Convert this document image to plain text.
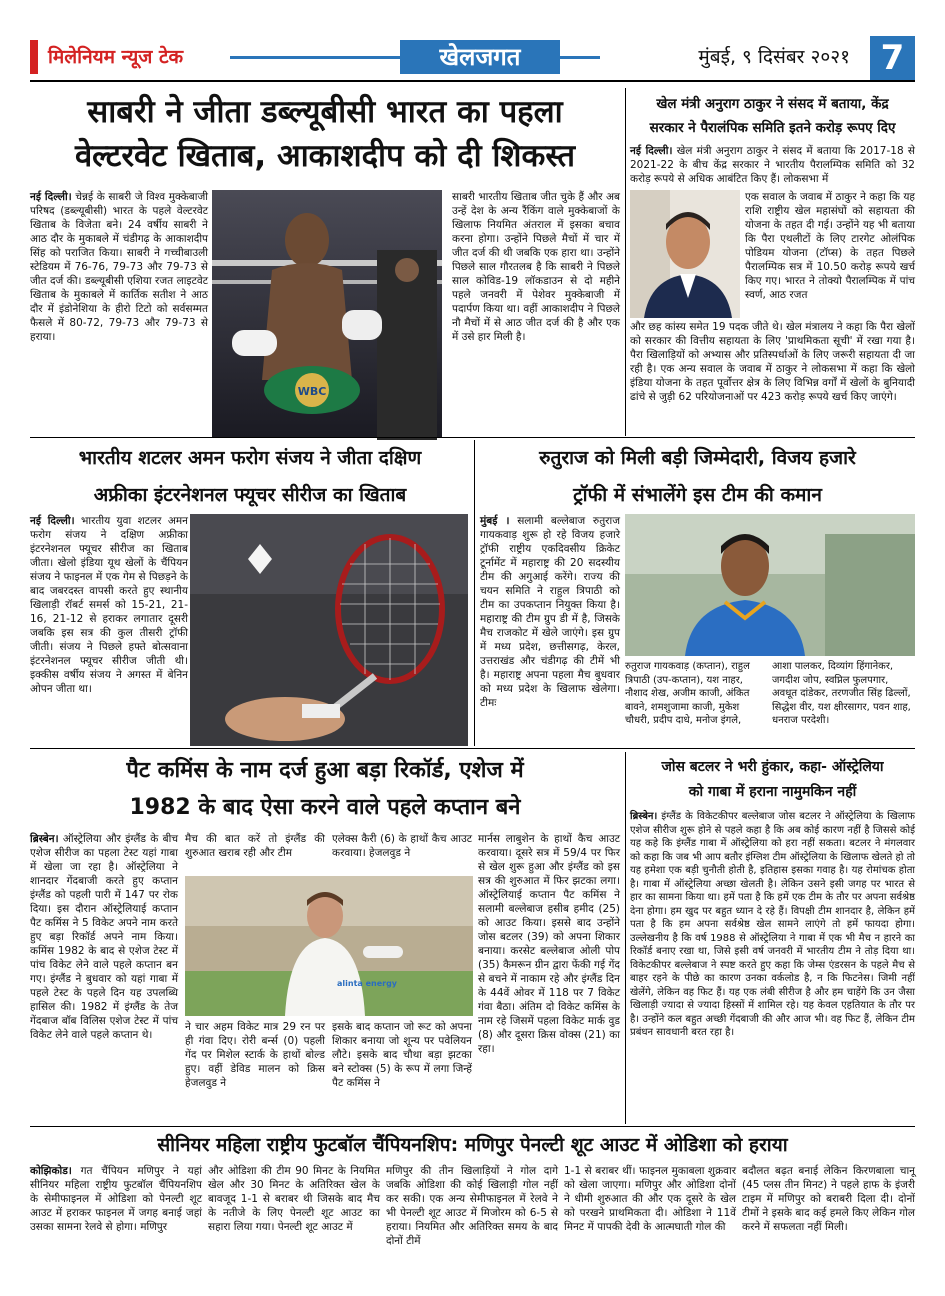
मिलेनियम न्यूज टेक	खेलजगत	मुंबई, ९ दिसंबर २०२१ 7
साबरी ने जीता डब्ल्यूबीसी भारत का पहला
वेल्टरवेट खिताब, आकाशदीप को दी शिकस्त
नई दिल्ली। चेन्नई के साबरी जे विश्व मुक्केबाजी परिषद (डब्ल्यूबीसी) भारत के पहले वेल्टरवेट खिताब के विजेता बने। 24 वर्षीय साबरी ने आठ दौर के मुकाबले में चंडीगढ़ के आकाशदीप सिंह को पराजित किया। साबरी ने गच्चीबाउली स्टेडियम में 76-76, 79-73 और 79-73 से जीत दर्ज की। डब्ल्यूबीसी एशिया रजत लाइटवेट खिताब के मुकाबले में कार्तिक सतीश ने आठ दौर में इंडोनेशिया के हीरो टिटो को सर्वसम्मत फैसले में 80-72, 79-73 और 79-73 से हराया।
WBC
साबरी भारतीय खिताब जीत चुके हैं और अब उन्हें देश के अन्य रैंकिंग वाले मुक्केबाजों के खिलाफ नियमित अंतराल में इसका बचाव करना होगा। उन्होंने पिछले मैचों में चार में जीत दर्ज की थी जबकि एक हारा था। उन्होंने पिछले साल गौरतलब है कि साबरी ने पिछले साल कोविड-19 लॉकडाउन से दो महीने पहले जनवरी में पेशेवर मुक्केबाजी में पदार्पण किया था। वहीं आकाशदीप ने पिछले नौ मैचों में से आठ जीत दर्ज की है और एक में उसे हार मिली है।
खेल मंत्री अनुराग ठाकुर ने संसद में बताया, केंद्र
सरकार ने पैरालंपिक समिति इतने करोड़ रूपए दिए
नई दिल्ली। खेल मंत्री अनुराग ठाकुर ने संसद में बताया कि 2017-18 से 2021-22 के बीच केंद्र सरकार ने भारतीय पैरालम्पिक समिति को 32 करोड़ रूपये से अधिक आबंटित किए हैं। लोकसभा में
एक सवाल के जवाब में ठाकुर ने कहा कि यह राशि राष्ट्रीय खेल महासंघों को सहायता की योजना के तहत दी गई। उन्होंने यह भी बताया कि पैरा एथलीटों के लिए टारगेट ओलंपिक पोडियम योजना (टॉप्स) के तहत पिछले पैरालम्पिक सत्र में 10.50 करोड़ रूपये खर्च किए गए। भारत ने तोक्यो पैरालम्पिक में पांच स्वर्ण, आठ रजत
और छह कांस्य समेत 19 पदक जीते थे। खेल मंत्रालय ने कहा कि पैरा खेलों को सरकार की वित्तीय सहायता के लिए 'प्राथमिकता सूची' में रखा गया है। पैरा खिलाड़ियों को अभ्यास और प्रतिस्पर्धाओं के लिए जरूरी सहायता दी जा रही है। एक अन्य सवाल के जवाब में ठाकुर ने लोकसभा में कहा कि खेलो इंडिया योजना के तहत पूर्वोत्तर क्षेत्र के लिए विभिन्न वर्गों में खेलों के बुनियादी ढांचे से जुड़ी 62 परियोजनाओं पर 423 करोड़ रूपये खर्च किए जाएंगे।
भारतीय शटलर अमन फरोग संजय ने जीता दक्षिण
अफ्रीका इंटरनेशनल फ्यूचर सीरीज का खिताब
नई दिल्ली। भारतीय युवा शटलर अमन फरोग संजय ने दक्षिण अफ्रीका इंटरनेशनल फ्यूचर सीरीज का खिताब जीता। खेलो इंडिया यूथ खेलों के चैंपियन संजय ने फाइनल में एक गेम से पिछड़ने के बाद जबरदस्त वापसी करते हुए स्थानीय खिलाड़ी रॉबर्ट समर्स को 15-21, 21-16, 21-12 से हराकर लगातार दूसरी जबकि इस सत्र की कुल तीसरी ट्रॉफी जीती। संजय ने पिछले हफ्ते बोत्सवाना इंटरनेशनल फ्यूचर सीरीज जीती थी। इक्कीस वर्षीय संजय ने अगस्त में बेनिन ओपन जीता था।
रुतुराज को मिली बड़ी जिम्मेदारी, विजय हजारे
ट्रॉफी में संभालेंगे इस टीम की कमान
मुंबई । सलामी बल्लेबाज रुतुराज गायकवाड़ शुरू हो रहे विजय हजारे ट्रॉफी राष्ट्रीय एकदिवसीय क्रिकेट टूर्नामेंट में महाराष्ट्र की 20 सदस्यीय टीम की अगुआई करेंगे। राज्य की चयन समिति ने राहुल त्रिपाठी को टीम का उपकप्तान नियुक्त किया है। महाराष्ट्र की टीम ग्रुप डी में है, जिसके मैच राजकोट में खेले जाएंगे। इस ग्रुप में मध्य प्रदेश, छत्तीसगढ़, केरल, उत्तराखंड और चंडीगढ़ की टीमें भी है। महाराष्ट्र अपना पहला मैच बुधवार को मध्य प्रदेश के खिलाफ खेलेगा। टीमः
रुतुराज गायकवाड़ (कप्तान), राहुल त्रिपाठी (उप-कप्तान), यश नाहर, नौशाद शेख, अजीम काजी, अंकित बावने, शमशुजामा काजी, मुकेश चौधरी, प्रदीप दाधे, मनोज इंगले,
आशा पालकर, दिव्यांग हिंगानेकर, जगदीश जोप, स्वप्निल फुलपगार, अवधूत दांडेकर, तरणजीत सिंह ढिल्लों, सिद्धेश वीर, यश क्षीरसागर, पवन शाह, धनराज परदेशी।
पैट कमिंस के नाम दर्ज हुआ बड़ा रिकॉर्ड, एशेज में
1982 के बाद ऐसा करने वाले पहले कप्तान बने
ब्रिस्बेन। ऑस्ट्रेलिया और इंग्लैंड के बीच एशेज सीरीज का पहला टेस्ट यहां गाबा में खेला जा रहा है। ऑस्ट्रेलिया ने शानदार गेंदबाजी करते हुए कप्तान इंग्लैंड को पहली पारी में 147 पर रोक दिया। इस दौरान ऑस्ट्रेलियाई कप्तान पैट कमिंस ने 5 विकेट अपने नाम करते हुए बड़ा रिकॉर्ड अपने नाम किया। कमिंस 1982 के बाद से एशेज टेस्ट में पांच विकेट लेने वाले पहले कप्तान बन गए। इंग्लैंड ने बुधवार को यहां गाबा में पहले टेस्ट के पहले दिन यह उपलब्धि हासिल की। 1982 में इंग्लैंड के तेज गेंदबाज बॉब विलिस एशेज टेस्ट में पांच विकेट लेने वाले पहले कप्तान थे।
मैच की बात करें तो इंग्लैंड की शुरुआत खराब रही और टीम
एलेक्स कैरी (6) के हाथों कैच आउट करवाया। हेजलवुड ने
alinta energy
ने चार अहम विकेट मात्र 29 रन पर ही गंवा दिए। रोरी बर्न्स (0) पहली गेंद पर मिशेल स्टार्क के हाथों बोल्ड हुए। वहीं डेविड मालन को क्रिस हेजलवुड ने
इसके बाद कप्तान जो रूट को अपना शिकार बनाया जो शून्य पर पवेलियन लौटे। इसके बाद चौथा बड़ा झटका बने स्टोक्स (5) के रूप में लगा जिन्हें पैट कमिंस ने
मार्नस लाबुशेन के हाथों कैच आउट करवाया। दूसरे सत्र में 59/4 पर फिर से खेल शुरू हुआ और इंग्लैंड को इस सत्र की शुरुआत में फिर झटका लगा। ऑस्ट्रेलियाई कप्तान पैट कमिंस ने सलामी बल्लेबाज हसीब हमीद (25) को आउट किया। इससे बाद उन्होंने जोस बटलर (39) को अपना शिकार बनाया। करसेट बल्लेबाज ओली पोप (35) कैमरून ग्रीन द्वारा फेंकी गई गेंद से बचने में नाकाम रहे और इंग्लैंड दिन के 44वें ओवर में 118 पर 7 विकेट गंवा बैठा। अंतिम दो विकेट कमिंस के नाम रहे जिसमें पहला विकेट मार्क वुड (8) और दूसरा क्रिस वोक्स (21) का रहा।
जोस बटलर ने भरी हुंकार, कहा- ऑस्ट्रेलिया
को गाबा में हराना नामुमकिन नहीं
ब्रिस्बेन। इंग्लैंड के विकेटकीपर बल्लेबाज जोस बटलर ने ऑस्ट्रेलिया के खिलाफ एशेज सीरीज शुरू होने से पहले कहा है कि अब कोई कारण नहीं है जिससे कोई यह कहे कि इंग्लैंड गाबा में ऑस्ट्रेलिया को हरा नहीं सकता। बटलर ने मंगलवार को कहा कि जब भी आप बतौर इंग्लिश टीम ऑस्ट्रेलिया के खिलाफ खेलते हो तो यह हमेशा एक बड़ी चुनौती होती है, इतिहास इसका गवाह है। यह रोमांचक होता है। गाबा में ऑस्ट्रेलिया अच्छा खेलती है। लेकिन उसने इसी जगह पर भारत से हार का सामना किया था। हमें पता है कि हमें एक टीम के तौर पर अपना सर्वश्रेष्ठ देना होगा। हम खुद पर बहुत ध्यान दे रहे हैं। विपक्षी टीम शानदार है, लेकिन हमें पता है कि हम अपना सर्वश्रेष्ठ खेल सामने लाएंगे तो हमें फायदा होगा। उल्लेखनीय है कि वर्ष 1988 से ऑस्ट्रेलिया ने गाबा में एक भी मैच न हारने का रिकॉर्ड बनाए रखा था, जिसे इसी वर्ष जनवरी में भारतीय टीम ने तोड़ दिया था। विकेटकीपर बल्लेबाज ने स्पष्ट करते हुए कहा कि जेम्स एंडरसन के पहले मैच से बाहर रहने के पीछे का कारण उनका वर्कलोड है, न कि फिटनेस। जिमी नहीं खेलेंगे, लेकिन वह फिट हैं। यह एक लंबी सीरीज है और हम चाहेंगे कि उन जैसा खिलाड़ी ज्यादा से ज्यादा हिस्सों में शामिल रहे। यह केवल एहतियात के तौर पर है। उन्होंने कल बहुत अच्छी गेंदबाजी की और आज भी। वह फिट हैं, लेकिन टीम प्रबंधन सावधानी बरत रहा है।
सीनियर महिला राष्ट्रीय फुटबॉल चैंपियनशिप: मणिपुर पेनल्टी शूट आउट में ओडिशा को हराया
कोझिकोड। गत चैंपियन मणिपुर ने यहां सीनियर महिला राष्ट्रीय फुटबॉल चैंपियनशिप के सेमीफाइनल में ओडिशा को पेनल्टी शूट आउट में हराकर फाइनल में जगह बनाई जहां उसका सामना रेलवे से होगा। मणिपुर
और ओडिशा की टीम 90 मिनट के नियमित खेल और 30 मिनट के अतिरिक्त खेल के बावजूद 1-1 से बराबर थी जिसके बाद मैच के नतीजे के लिए पेनल्टी शूट आउट का सहारा लिया गया। पेनल्टी शूट आउट में
मणिपुर की तीन खिलाड़ियों ने गोल दागे जबकि ओडिशा की कोई खिलाड़ी गोल नहीं कर सकी। एक अन्य सेमीफाइनल में रेलवे ने भी पेनल्टी शूट आउट में मिजोरम को 6-5 से हराया। नियमित और अतिरिक्त समय के बाद दोनों टीमें
1-1 से बराबर थीं। फाइनल मुकाबला शुक्रवार को खेला जाएगा। मणिपुर और ओडिशा दोनों ने धीमी शुरुआत की और एक दूसरे के खेल को परखने प्राथमिकता दी। ओडिशा ने 11वें मिनट में पापकी देवी के आत्मघाती गोल की
बदौलत बढ़त बनाई लेकिन किरणबाला चानू (45 प्लस तीन मिनट) ने पहले हाफ के इंजरी टाइम में मणिपुर को बराबरी दिला दी। दोनों टीमों ने इसके बाद कई हमले किए लेकिन गोल करने में सफलता नहीं मिली।
